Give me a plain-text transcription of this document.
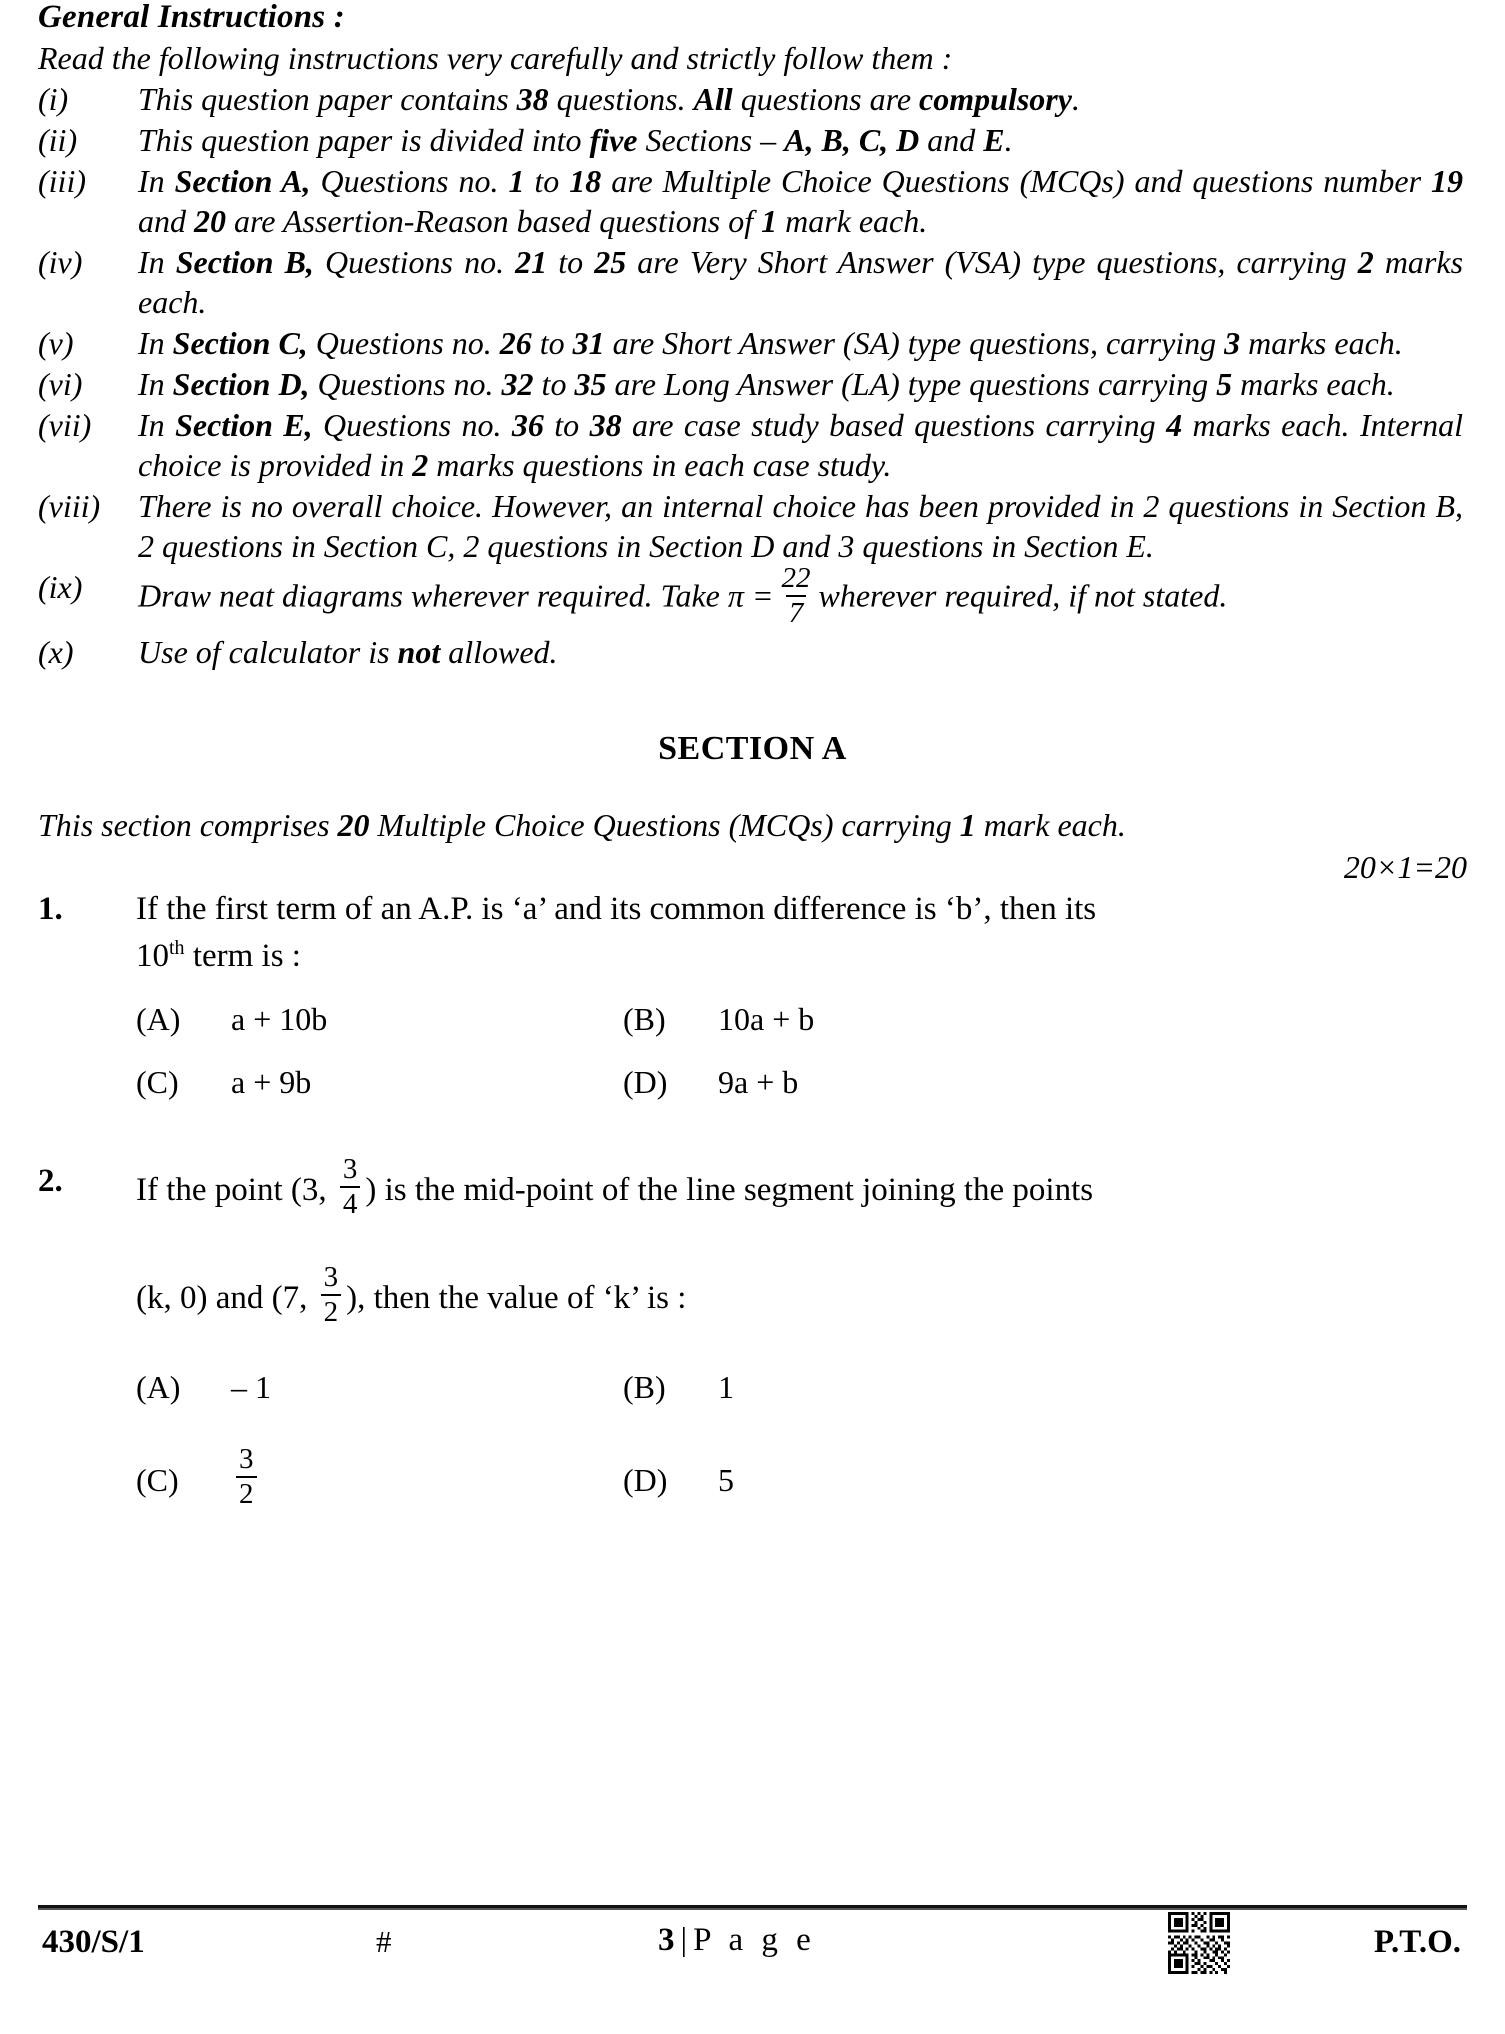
General Instructions :
Read the following instructions very carefully and strictly follow them :
(i)	This question paper contains 38 questions. All questions are compulsory.
(ii)	This question paper is divided into five Sections – A, B, C, D and E.
(iii)	In Section A, Questions no. 1 to 18 are Multiple Choice Questions (MCQs) and questions number 19 and 20 are Assertion-Reason based questions of 1 mark each.
(iv)	In Section B, Questions no. 21 to 25 are Very Short Answer (VSA) type questions, carrying 2 marks each.
(v)	In Section C, Questions no. 26 to 31 are Short Answer (SA) type questions, carrying 3 marks each.
(vi)	In Section D, Questions no. 32 to 35 are Long Answer (LA) type questions carrying 5 marks each.
(vii)	In Section E, Questions no. 36 to 38 are case study based questions carrying 4 marks each. Internal choice is provided in 2 marks questions in each case study.
(viii)	There is no overall choice. However, an internal choice has been provided in 2 questions in Section B, 2 questions in Section C, 2 questions in Section D and 3 questions in Section E.
(ix)	Draw neat diagrams wherever required. Take $\pi = \frac{22}{7}$ wherever required, if not stated.
(x)	Use of calculator is not allowed.
SECTION A
This section comprises 20 Multiple Choice Questions (MCQs) carrying 1 mark each.
20×1=20
1.	If the first term of an A.P. is ‘a’ and its common difference is ‘b’, then its
10th term is :
(A)	a + 10b	(B)	10a + b
(C)	a + 9b	(D)	9a + b
2.	If the point (3, $\frac{3}{4}$ ) is the mid-point of the line segment joining the points
(k, 0) and (7, $\frac{3}{2}$ ), then the value of ‘k’ is :
(A)	– 1	(B)	1
(C)	$\frac{3}{2}$	(D)	5
430/S/1	#	3 | P a g e	P.T.O.
